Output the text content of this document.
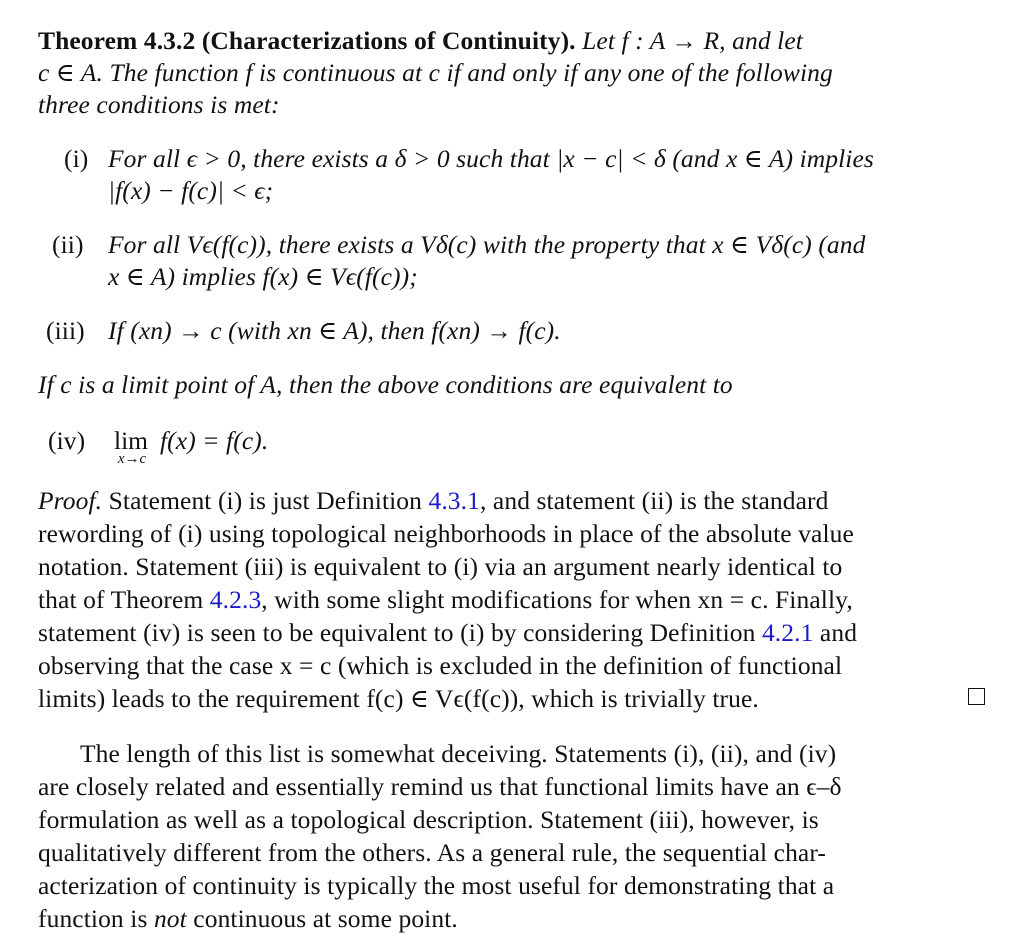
Theorem 4.3.2 (Characterizations of Continuity). Let f : A → R, and let
c ∈ A. The function f is continuous at c if and only if any one of the following
three conditions is met:
(i) For all ϵ > 0, there exists a δ > 0 such that |x − c| < δ (and x ∈ A) implies
|f(x) − f(c)| < ϵ;
(ii) For all Vϵ(f(c)), there exists a Vδ(c) with the property that x ∈ Vδ(c) (and
x ∈ A) implies f(x) ∈ Vϵ(f(c));
(iii) If (xn) → c (with xn ∈ A), then f(xn) → f(c).
If c is a limit point of A, then the above conditions are equivalent to
(iv) lim
x→c
f(x) = f(c).
Proof. Statement (i) is just Definition 4.3.1, and statement (ii) is the standard
rewording of (i) using topological neighborhoods in place of the absolute value
notation. Statement (iii) is equivalent to (i) via an argument nearly identical to
that of Theorem 4.2.3, with some slight modifications for when xn = c. Finally,
statement (iv) is seen to be equivalent to (i) by considering Definition 4.2.1 and
observing that the case x = c (which is excluded in the definition of functional
limits) leads to the requirement f(c) ∈ Vϵ(f(c)), which is trivially true.
The length of this list is somewhat deceiving. Statements (i), (ii), and (iv)
are closely related and essentially remind us that functional limits have an ϵ–δ
formulation as well as a topological description. Statement (iii), however, is
qualitatively different from the others. As a general rule, the sequential char-
acterization of continuity is typically the most useful for demonstrating that a
function is not continuous at some point.
